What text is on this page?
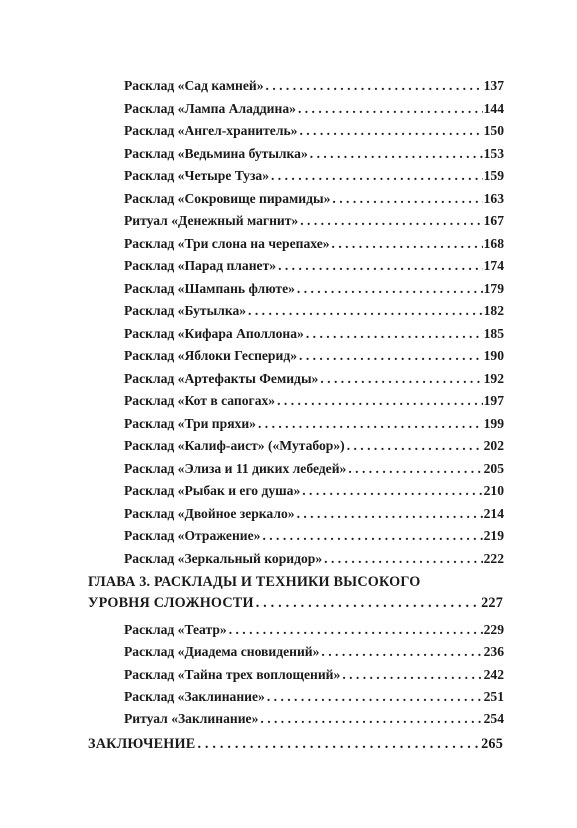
Расклад «Сад камней» . . .	137
Расклад «Лампа Аладдина» . . .	144
Расклад «Ангел-хранитель» . . .	150
Расклад «Ведьмина бутылка» . . .	153
Расклад «Четыре Туза» . . .	159
Расклад «Сокровище пирамиды» . . .	163
Ритуал «Денежный магнит» . . .	167
Расклад «Три слона на черепахе» . . .	168
Расклад «Парад планет» . . .	174
Расклад «Шампань флюте» . . .	179
Расклад «Бутылка» . . .	182
Расклад «Кифара Аполлона» . . .	185
Расклад «Яблоки Гесперид» . . .	190
Расклад «Артефакты Фемиды» . . .	192
Расклад «Кот в сапогах» . . .	197
Расклад «Три пряхи» . . .	199
Расклад «Калиф-аист» («Мутабор») . . .	202
Расклад «Элиза и 11 диких лебедей» . . .	205
Расклад «Рыбак и его душа» . . .	210
Расклад «Двойное зеркало» . . .	214
Расклад «Отражение» . . .	219
Расклад «Зеркальный коридор» . . .	222
ГЛАВА 3. РАСКЛАДЫ И ТЕХНИКИ ВЫСОКОГО
УРОВНЯ СЛОЖНОСТИ . . .	227
Расклад «Театр» . . .	229
Расклад «Диадема сновидений» . . .	236
Расклад «Тайна трех воплощений» . . .	242
Расклад «Заклинание» . . .	251
Ритуал «Заклинание» . . .	254
ЗАКЛЮЧЕНИЕ . . .	265
